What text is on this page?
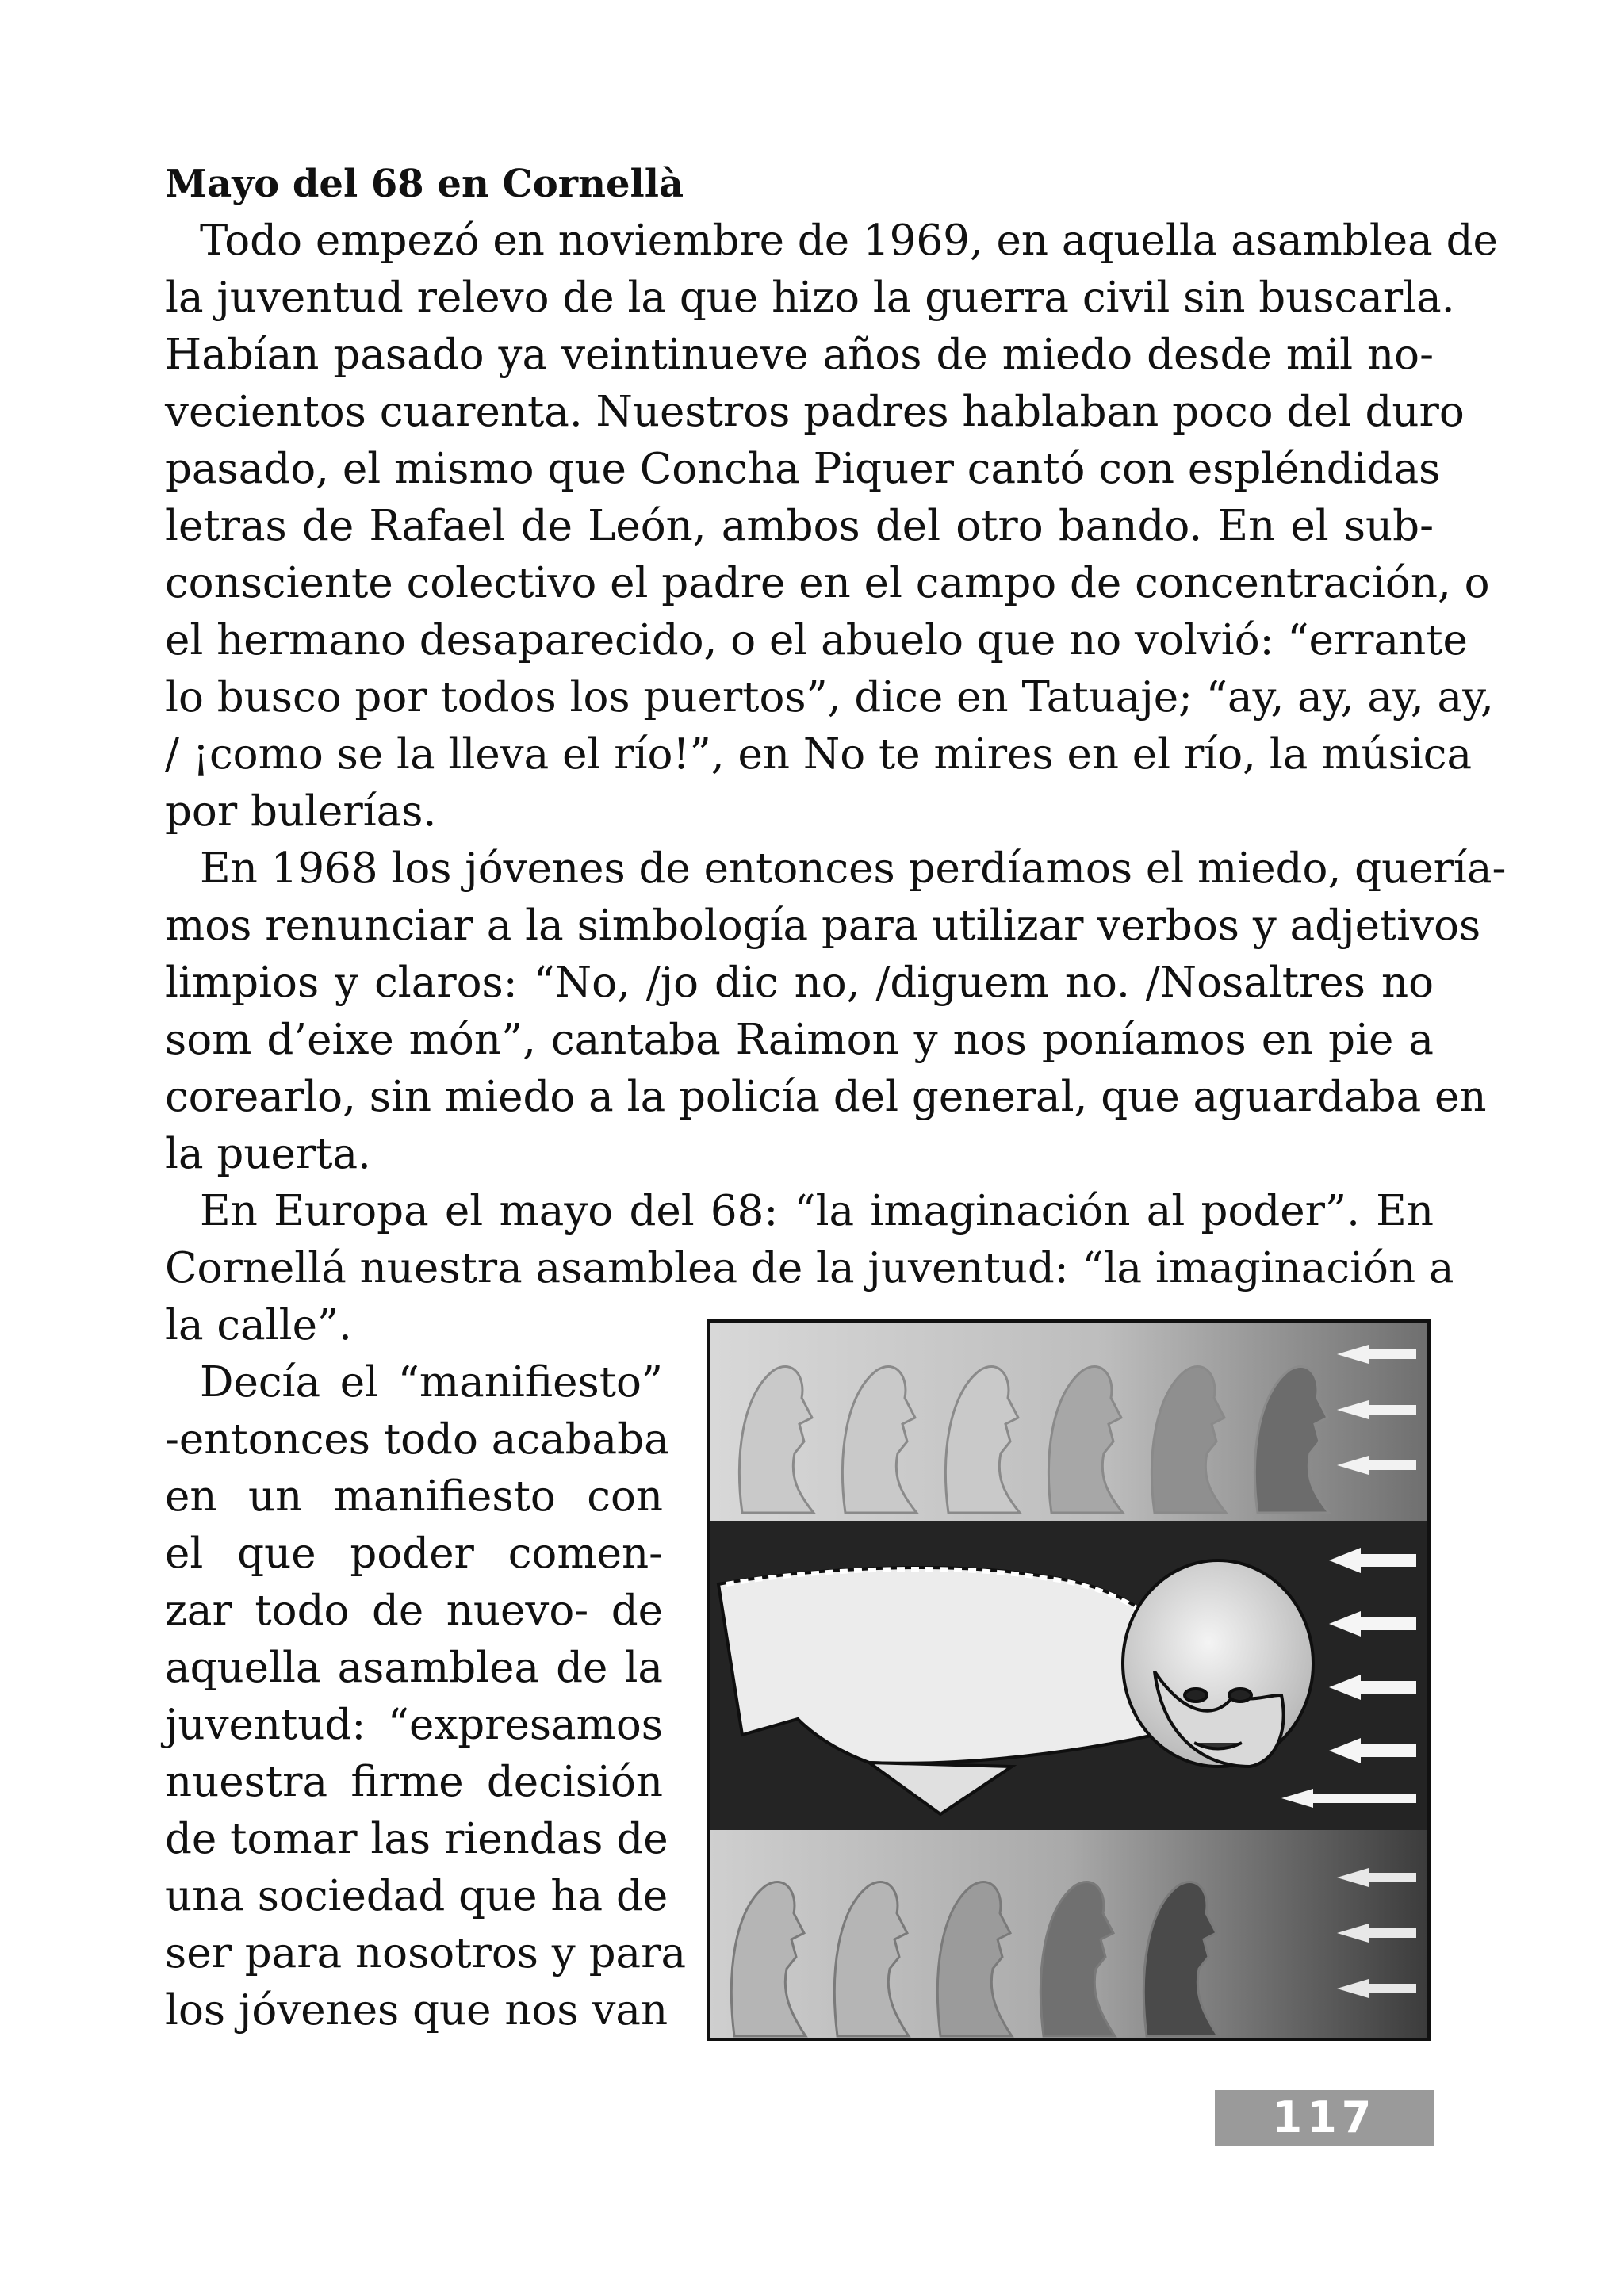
Mayo del 68 en Cornellà
Todo empezó en noviembre de 1969, en aquella asamblea de
la juventud relevo de la que hizo la guerra civil sin buscarla.
Habían pasado ya veintinueve años de miedo desde mil no-
vecientos cuarenta. Nuestros padres hablaban poco del duro
pasado, el mismo que Concha Piquer cantó con espléndidas
letras de Rafael de León, ambos del otro bando. En el sub-
consciente colectivo el padre en el campo de concentración, o
el hermano desaparecido, o el abuelo que no volvió: “errante
lo busco por todos los puertos”, dice en Tatuaje; “ay, ay, ay, ay,
/ ¡como se la lleva el río!”, en No te mires en el río, la música
por bulerías.
En 1968 los jóvenes de entonces perdíamos el miedo, quería-
mos renunciar a la simbología para utilizar verbos y adjetivos
limpios y claros: “No, /jo dic no, /diguem no. /Nosaltres no
som d’eixe món”, cantaba Raimon y nos poníamos en pie a
corearlo, sin miedo a la policía del general, que aguardaba en
la puerta.
En Europa el mayo del 68: “la imaginación al poder”. En
Cornellá nuestra asamblea de la juventud: “la imaginación a
la calle”.
Decía el “manifiesto”
-entonces todo acababa
en un manifiesto con
el que poder comen-
zar todo de nuevo- de
aquella asamblea de la
juventud: “expresamos
nuestra firme decisión
de tomar las riendas de
una sociedad que ha de
ser para nosotros y para
los jóvenes que nos van
117
